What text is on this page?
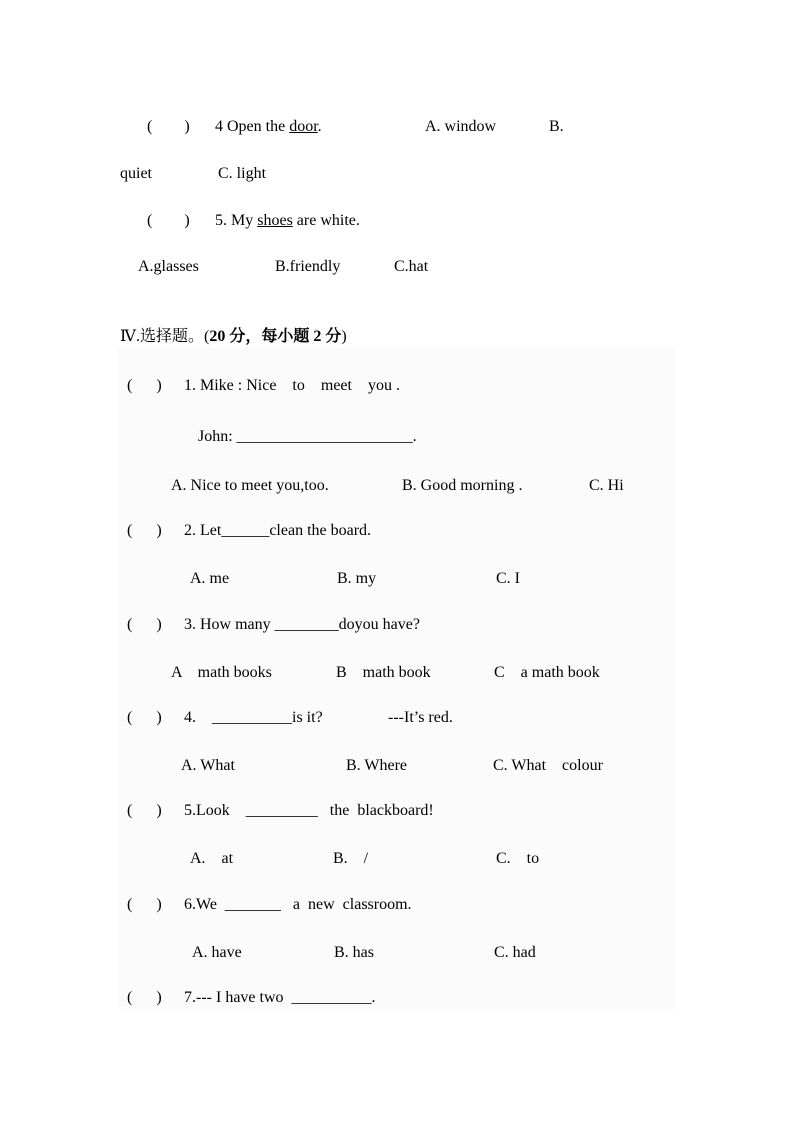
(        ) 4 Open the door.	A. window	B.
quiet	C. light
(        ) 5. My shoes are white.
A.glasses	B.friendly	C.hat
Ⅳ.选择题。(20 分，每小题 2 分)
(      ) 1. Mike : Nice    to    meet    you .
John: ______________________.
A. Nice to meet you,too.	B. Good morning .	C. Hi
(      ) 2. Let______clean the board.
A. me	B. my	C. I
(      ) 3. How many ________doyou have?
A    math books	B    math book	C    a math book
(      ) 4.    __________is it?	---It’s red.
A. What	B. Where	C. What    colour
(      ) 5.Look    _________   the  blackboard!
A.    at	B.    /	C.    to
(      ) 6.We  _______   a  new  classroom.
A. have	B. has	C. had
(      ) 7.--- I have two  __________.
